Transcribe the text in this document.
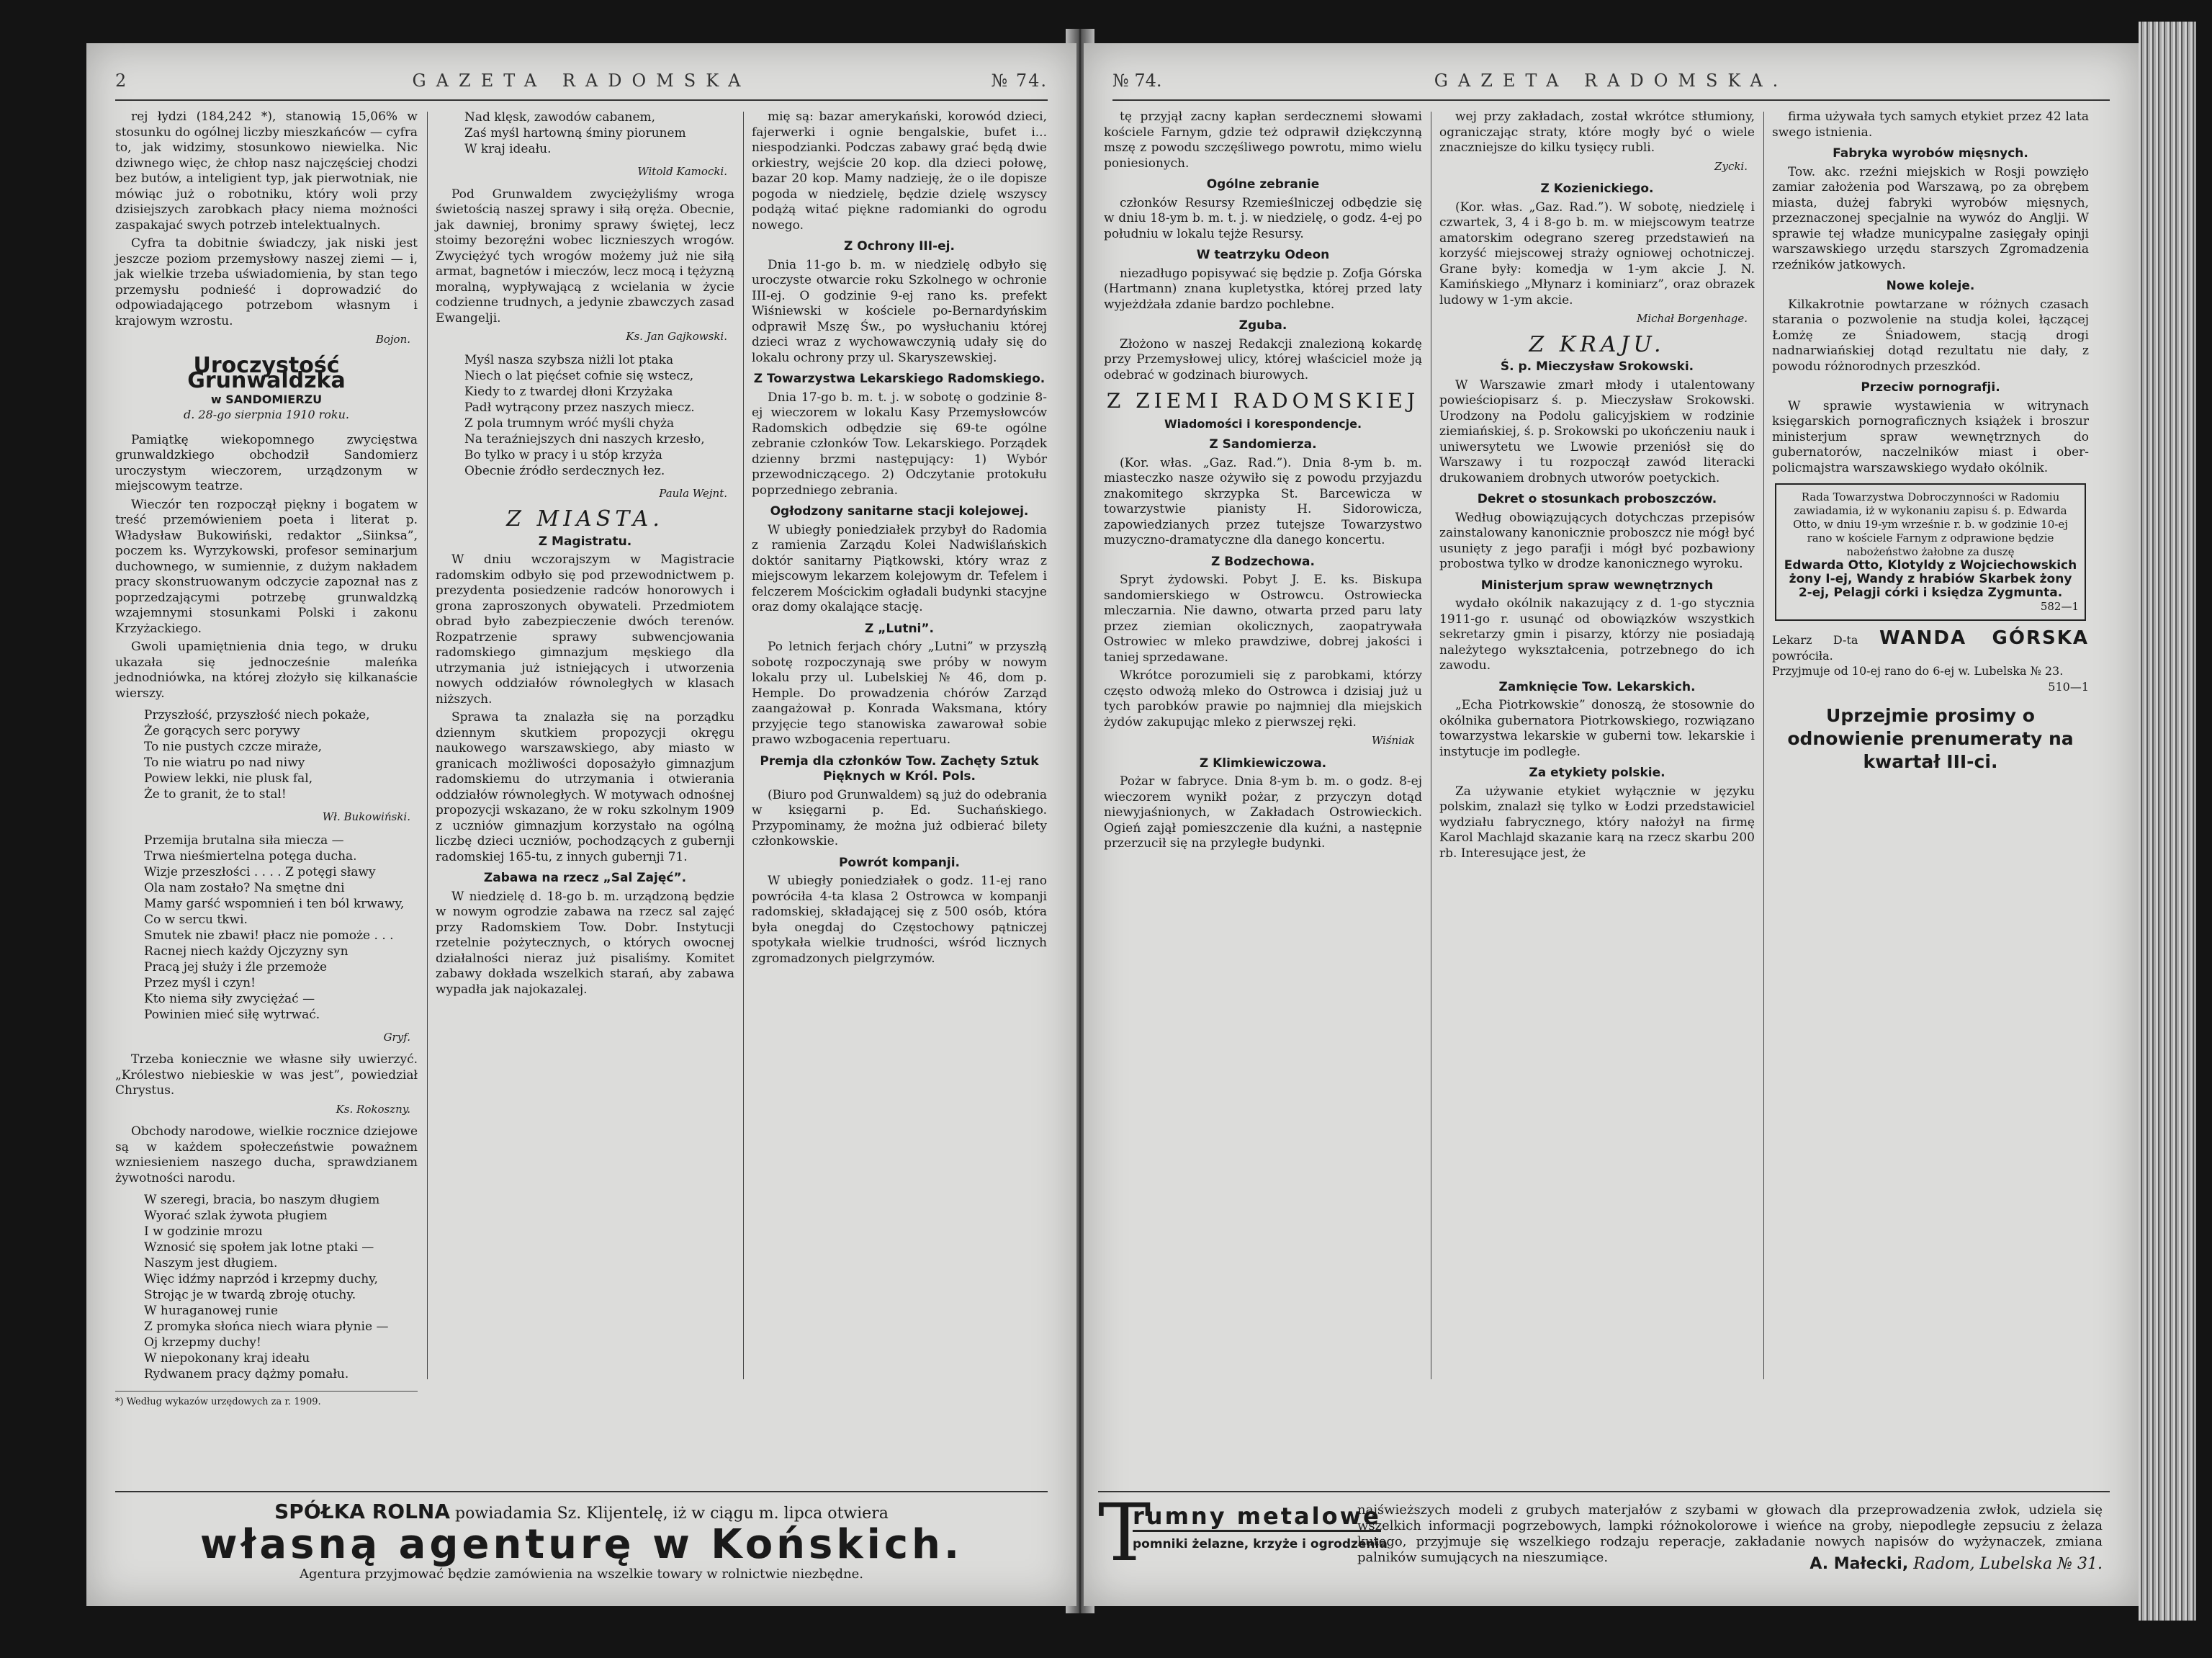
2	GAZETA RADOMSKA	№ 74.

rej łydzi (184,242 *), stanowią 15,06% w stosunku do ogólnej liczby mieszkańców — cyfra to, jak widzimy, stosunkowo niewielka. Nic dziwnego więc, że chłop nasz najczęściej chodzi bez butów, a inteligient typ, jak pierwotniak, nie mówiąc już o robotniku, który woli przy dzisiejszych zarobkach płacy niema możności zaspakajać swych potrzeb intelektualnych.

Cyfra ta dobitnie świadczy, jak niski jest jeszcze poziom przemysłowy naszej ziemi — i, jak wielkie trzeba uświadomienia, by stan tego przemysłu podnieść i doprowadzić do odpowiadającego potrzebom własnym i krajowym wzrostu.

Bojon.
Uroczystość Grunwaldzka
w SANDOMIERZU
d. 28-go sierpnia 1910 roku.

Pamiątkę wiekopomnego zwycięstwa grunwaldzkiego obchodził Sandomierz uroczystym wieczorem, urządzonym w miejscowym teatrze.

Wieczór ten rozpoczął piękny i bogatem w treść przemówieniem poeta i literat p. Władysław Bukowiński, redaktor „Siinksa”, poczem ks. Wyrzykowski, profesor seminarjum duchownego, w sumiennie, z dużym nakładem pracy skonstruowanym odczycie zapoznał nas z poprzedzającymi potrzebę grunwaldzką wzajemnymi stosunkami Polski i zakonu Krzyżackiego.

Gwoli upamiętnienia dnia tego, w druku ukazała się jednocześnie maleńka jednodniówka, na której złożyło się kilkanaście wierszy.

Przyszłość, przyszłość niech pokaże,
Że gorących serc porywy
To nie pustych czcze miraże,
To nie wiatru po nad niwy
Powiew lekki, nie plusk fal,
Że to granit, że to stal!
Wł. Bukowiński.
Przemija brutalna siła miecza —
Trwa nieśmiertelna potęga ducha.
Wizje przeszłości . . . . Z potęgi sławy
Ola nam zostało? Na smętne dni
Mamy garść wspomnień i ten ból krwawy,
Co w sercu tkwi.
Smutek nie zbawi! płacz nie pomoże . . .
Racnej niech każdy Ojczyzny syn
Pracą jej służy i źle przemoże
Przez myśl i czyn!
Kto niema siły zwyciężać —
Powinien mieć siłę wytrwać.
Gryf.

Trzeba koniecznie we własne siły uwierzyć. „Królestwo niebieskie w was jest”, powiedział Chrystus.

Ks. Rokoszny.

Obchody narodowe, wielkie rocznice dziejowe są w każdem społeczeństwie poważnem wzniesieniem naszego ducha, sprawdzianem żywotności narodu.

W szeregi, bracia, bo naszym długiem
Wyorać szlak żywota pługiem
I w godzinie mrozu
Wznosić się społem jak lotne ptaki —
Naszym jest długiem.
Więc idźmy naprzód i krzepmy duchy,
Strojąc je w twardą zbroję otuchy.
W huraganowej runie
Z promyka słońca niech wiara płynie —
Oj krzepmy duchy!
W niepokonany kraj ideału
Rydwanem pracy dążmy pomału.
*) Według wykazów urzędowych za r. 1909.
Nad klęsk, zawodów cabanem,
Zaś myśl hartowną śminy piorunem
W kraj ideału.
Witold Kamocki.

Pod Grunwaldem zwyciężyliśmy wroga świetością naszej sprawy i siłą oręża. Obecnie, jak dawniej, bronimy sprawy świętej, lecz stoimy bezoręźni wobec licznieszych wrogów. Zwyciężyć tych wrogów możemy już nie siłą armat, bagnetów i mieczów, lecz mocą i tężyzną moralną, wypływającą z wcielania w życie codzienne trudnych, a jedynie zbawczych zasad Ewangelji.

Ks. Jan Gajkowski.
Myśl nasza szybsza niżli lot ptaka
Niech o lat pięćset cofnie się wstecz,
Kiedy to z twardej dłoni Krzyżaka
Padł wytrącony przez naszych miecz.
Z pola trumnym wróć myśli chyża
Na teraźniejszych dni naszych krzesło,
Bo tylko w pracy i u stóp krzyża
Obecnie źródło serdecznych łez.
Paula Wejnt.
Z MIASTA.
Z Magistratu.

W dniu wczorajszym w Magistracie radomskim odbyło się pod przewodnictwem p. prezydenta posiedzenie radców honorowych i grona zaproszonych obywateli. Przedmiotem obrad było zabezpieczenie dwóch terenów. Rozpatrzenie sprawy subwencjowania radomskiego gimnazjum męskiego dla utrzymania już istniejących i utworzenia nowych oddziałów równoległych w klasach niższych.

Sprawa ta znalazła się na porządku dziennym skutkiem propozycji okręgu naukowego warszawskiego, aby miasto w granicach możliwości doposażyło gimnazjum radomskiemu do utrzymania i otwierania oddziałów równoległych. W motywach odnośnej propozycji wskazano, że w roku szkolnym 1909 z uczniów gimnazjum korzystało na ogólną liczbę dzieci uczniów, pochodzących z gubernji radomskiej 165-tu, z innych gubernji 71.

Zabawa na rzecz „Sal Zajęć”.

W niedzielę d. 18-go b. m. urządzoną będzie w nowym ogrodzie zabawa na rzecz sal zajęć przy Radomskiem Tow. Dobr. Instytucji rzetelnie pożytecznych, o których owocnej działalności nieraz już pisaliśmy. Komitet zabawy dokłada wszelkich starań, aby zabawa wypadła jak najokazalej.

mię są: bazar amerykański, korowód dzieci, fajerwerki i ognie bengalskie, bufet i... niespodzianki. Podczas zabawy grać będą dwie orkiestry, wejście 20 kop. dla dzieci połowę, bazar 20 kop. Mamy nadzieję, że o ile dopisze pogoda w niedzielę, będzie dzielę wszyscy podążą witać piękne radomianki do ogrodu nowego.

Z Ochrony III-ej.

Dnia 11-go b. m. w niedzielę odbyło się uroczyste otwarcie roku Szkolnego w ochronie III-ej. O godzinie 9-ej rano ks. prefekt Wiśniewski w kościele po-Bernardyńskim odprawił Mszę Św., po wysłuchaniu której dzieci wraz z wychowawczynią udały się do lokalu ochrony przy ul. Skaryszewskiej.

Z Towarzystwa Lekarskiego Radomskiego.

Dnia 17-go b. m. t. j. w sobotę o godzinie 8-ej wieczorem w lokalu Kasy Przemysłowców Radomskich odbędzie się 69-te ogólne zebranie członków Tow. Lekarskiego. Porządek dzienny brzmi następujący: 1) Wybór przewodniczącego. 2) Odczytanie protokułu poprzedniego zebrania.

Ogłodzony sanitarne stacji kolejowej.

W ubiegły poniedziałek przybył do Radomia z ramienia Zarządu Kolei Nadwiślańskich doktór sanitarny Piątkowski, który wraz z miejscowym lekarzem kolejowym dr. Tefelem i felczerem Mościckim ogładali budynki stacyjne oraz domy okalające stację.

Z „Lutni”.

Po letnich ferjach chóry „Lutni” w przyszłą sobotę rozpoczynają swe próby w nowym lokalu przy ul. Lubelskiej № 46, dom p. Hemple. Do prowadzenia chórów Zarząd zaangażował p. Konrada Waksmana, który przyjęcie tego stanowiska zawarował sobie prawo wzbogacenia repertuaru.

Premja dla członków Tow. Zachęty Sztuk Pięknych w Król. Pols.

(Biuro pod Grunwaldem) są już do odebrania w księgarni p. Ed. Suchańskiego. Przypominamy, że można już odbierać bilety członkowskie.

Powrót kompanji.

W ubiegły poniedziałek o godz. 11-ej rano powróciła 4-ta klasa 2 Ostrowca w kompanji radomskiej, składającej się z 500 osób, która była onegdaj do Częstochowy pątniczej spotykała wielkie trudności, wśród licznych zgromadzonych pielgrzymów.

SPÓŁKA ROLNA powiadamia Sz. Klijentelę, iż w ciągu m. lipca otwiera
własną agenturę w Końskich.
Agentura przyjmować będzie zamówienia na wszelkie towary w rolnictwie niezbędne.
№ 74.	GAZETA RADOMSKA.

tę przyjął zacny kapłan serdecznemi słowami kościele Farnym, gdzie też odprawił dziękczynną mszę z powodu szczęśliwego powrotu, mimo wielu poniesionych.

Ogólne zebranie

członków Resursy Rzemieślniczej odbędzie się w dniu 18-ym b. m. t. j. w niedzielę, o godz. 4-ej po południu w lokalu tejże Resursy.

W teatrzyku Odeon

niezadługo popisywać się będzie p. Zofja Górska (Hartmann) znana kupletystka, której przed laty wyjeżdżała zdanie bardzo pochlebne.

Zguba.

Złożono w naszej Redakcji znalezioną kokardę przy Przemysłowej ulicy, której właściciel może ją odebrać w godzinach biurowych.

Z ZIEMI RADOMSKIEJ
Wiadomości i korespondencje.
Z Sandomierza.

(Kor. włas. „Gaz. Rad.”). Dnia 8-ym b. m. miasteczko nasze ożywiło się z powodu przyjazdu znakomitego skrzypka St. Barcewicza w towarzystwie pianisty H. Sidorowicza, zapowiedzianych przez tutejsze Towarzystwo muzyczno-dramatyczne dla danego koncertu.

Z Bodzechowa.

Spryt żydowski. Pobyt J. E. ks. Biskupa sandomierskiego w Ostrowcu. Ostrowiecka mleczarnia. Nie dawno, otwarta przed paru laty przez ziemian okolicznych, zaopatrywała Ostrowiec w mleko prawdziwe, dobrej jakości i taniej sprzedawane.

Wkrótce porozumieli się z parobkami, którzy często odwożą mleko do Ostrowca i dzisiaj już u tych parobków prawie po najmniej dla miejskich żydów zakupując mleko z pierwszej ręki.

Wiśniak
Z Klimkiewiczowa.

Pożar w fabryce. Dnia 8-ym b. m. o godz. 8-ej wieczorem wynikł pożar, z przyczyn dotąd niewyjaśnionych, w Zakładach Ostrowieckich. Ogień zajął pomieszczenie dla kuźni, a następnie przerzucił się na przyległe budynki.

wej przy zakładach, został wkrótce stłumiony, ograniczając straty, które mogły być o wiele znaczniejsze do kilku tysięcy rubli.

Zycki.
Z Kozienickiego.

(Kor. włas. „Gaz. Rad.”). W sobotę, niedzielę i czwartek, 3, 4 i 8-go b. m. w miejscowym teatrze amatorskim odegrano szereg przedstawień na korzyść miejscowej straży ogniowej ochotniczej. Grane były: komedja w 1-ym akcie J. N. Kamińskiego „Młynarz i kominiarz”, oraz obrazek ludowy w 1-ym akcie.

Michał Borgenhage.
Z KRAJU.
Ś. p. Mieczysław Srokowski.

W Warszawie zmarł młody i utalentowany powieściopisarz ś. p. Mieczysław Srokowski. Urodzony na Podolu galicyjskiem w rodzinie ziemiańskiej, ś. p. Srokowski po ukończeniu nauk i uniwersytetu we Lwowie przeniósł się do Warszawy i tu rozpoczął zawód literacki drukowaniem drobnych utworów poetyckich.

Dekret o stosunkach proboszczów.

Według obowiązujących dotychczas przepisów zainstalowany kanonicznie proboszcz nie mógł być usunięty z jego parafji i mógł być pozbawiony probostwa tylko w drodze kanonicznego wyroku.

Ministerjum spraw wewnętrznych

wydało okólnik nakazujący z d. 1-go stycznia 1911-go r. usunąć od obowiązków wszystkich sekretarzy gmin i pisarzy, którzy nie posiadają należytego wykształcenia, potrzebnego do ich zawodu.

Zamknięcie Tow. Lekarskich.

„Echa Piotrkowskie” donoszą, że stosownie do okólnika gubernatora Piotrkowskiego, rozwiązano towarzystwa lekarskie w guberni tow. lekarskie i instytucje im podległe.

Za etykiety polskie.

Za używanie etykiet wyłącznie w języku polskim, znalazł się tylko w Łodzi przedstawiciel wydziału fabrycznego, który nałożył na firmę Karol Machlajd skazanie karą na rzecz skarbu 200 rb. Interesujące jest, że

firma używała tych samych etykiet przez 42 lata swego istnienia.

Fabryka wyrobów mięsnych.

Tow. akc. rzeźni miejskich w Rosji powzięło zamiar założenia pod Warszawą, po za obrębem miasta, dużej fabryki wyrobów mięsnych, przeznaczonej specjalnie na wywóz do Anglji. W sprawie tej władze municypalne zasięgały opinji warszawskiego urzędu starszych Zgromadzenia rzeźników jatkowych.

Nowe koleje.

Kilkakrotnie powtarzane w różnych czasach starania o pozwolenie na studja kolei, łączącej Łomżę ze Śniadowem, stacją drogi nadnarwiańskiej dotąd rezultatu nie dały, z powodu różnorodnych przeszkód.

Przeciw pornografji.

W sprawie wystawienia w witrynach księgarskich pornograficznych książek i broszur ministerjum spraw wewnętrznych do gubernatorów, naczelników miast i ober-policmajstra warszawskiego wydało okólnik.

Rada Towarzystwa Dobroczynności w Radomiu zawiadamia, iż w wykonaniu zapisu ś. p. Edwarda Otto, w dniu 19-ym wrześnie r. b. w godzinie 10-ej rano w kościele Farnym z odprawione będzie nabożeństwo żałobne za duszę
Edwarda Otto, Klotyldy z Wojciechowskich żony I-ej, Wandy z hrabiów Skarbek żony 2-ej, Pelagji córki i księdza Zygmunta.
582—1
Lekarz D-ta WANDA GÓRSKA powróciła.
Przyjmuje od 10-ej rano do 6-ej w. Lubelska № 23.
510—1
Uprzejmie prosimy o odnowienie prenumeraty na kwartał III-ci.
T
rumny metalowe
pomniki żelazne, krzyże i ogrodzenia
najświeższych modeli z grubych materjałów z szybami w głowach dla przeprowadzenia zwłok, udziela się wszelkich informacji pogrzebowych, lampki różnokolorowe i wieńce na groby, niepodległe zepsuciu z żelaza kutego, przyjmuje się wszelkiego rodzaju reperacje, zakładanie nowych napisów do wyżynaczek, zmiana palników sumujących na nieszumiące.	A. Małecki, Radom, Lubelska № 31.
